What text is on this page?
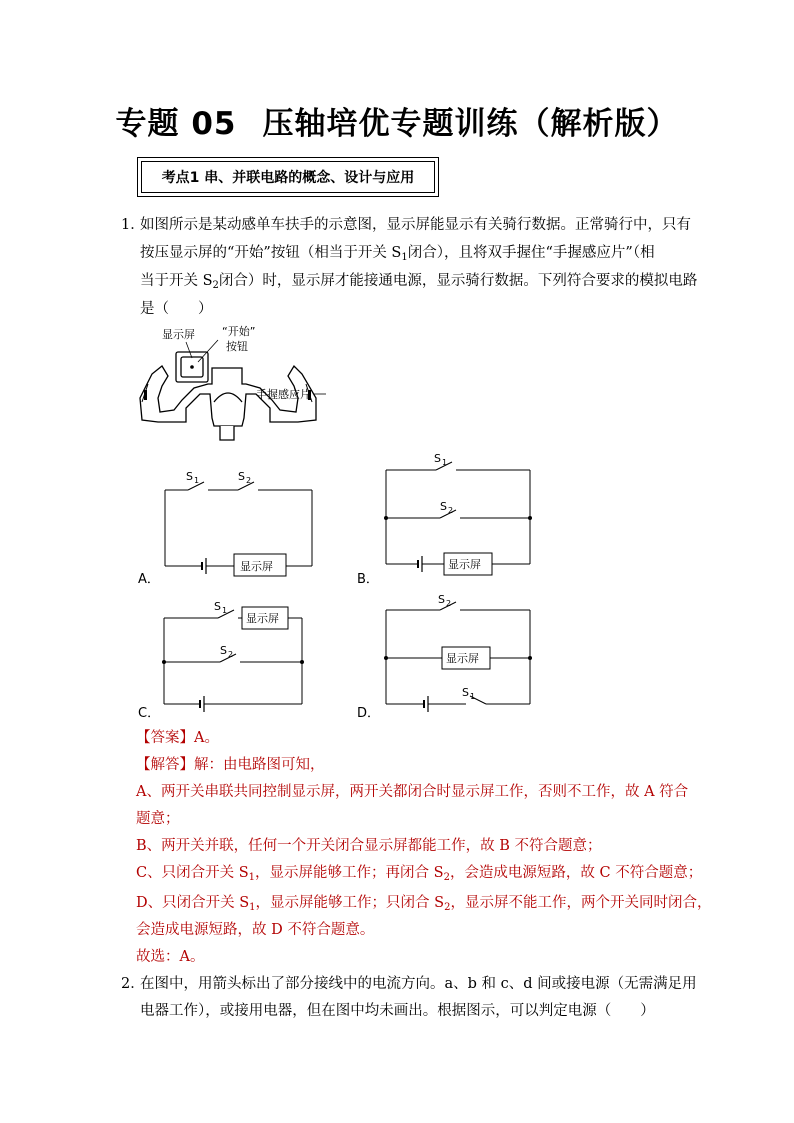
专题 05 压轴培优专题训练（解析版）
考点1 串、并联电路的概念、设计与应用
1．
如图所示是某动感单车扶手的示意图，显示屏能显示有关骑行数据。正常骑行中，只有
按压显示屏的“开始”按钮（相当于开关 $S_1$闭合），且将双手握住“手握感应片”（相
当于开关 $S_2$闭合）时，显示屏才能接通电源，显示骑行数据。下列符合要求的模拟电路
是（　　）
显示屏 “开始”
按钮
手握感应片
S 1	S 2
显示屏
A．
S 1
S 2
显示屏
B．
S 1
S 2
显示屏
C．
S 2
S 1
显示屏
D．
【答案】A。
【解答】解：由电路图可知，
A、两开关串联共同控制显示屏，两开关都闭合时显示屏工作，否则不工作，故 A 符合
题意；
B、两开关并联，任何一个开关闭合显示屏都能工作，故 B 不符合题意；
C、只闭合开关 $S_1$，显示屏能够工作；再闭合 $S_2$，会造成电源短路，故 C 不符合题意；
D、只闭合开关 $S_1$，显示屏能够工作；只闭合 $S_2$，显示屏不能工作，两个开关同时闭合，
会造成电源短路，故 D 不符合题意。
故选：A。
2．
在图中，用箭头标出了部分接线中的电流方向。a、b 和 c、d 间或接电源（无需满足用
电器工作），或接用电器，但在图中均未画出。根据图示，可以判定电源（　　）
